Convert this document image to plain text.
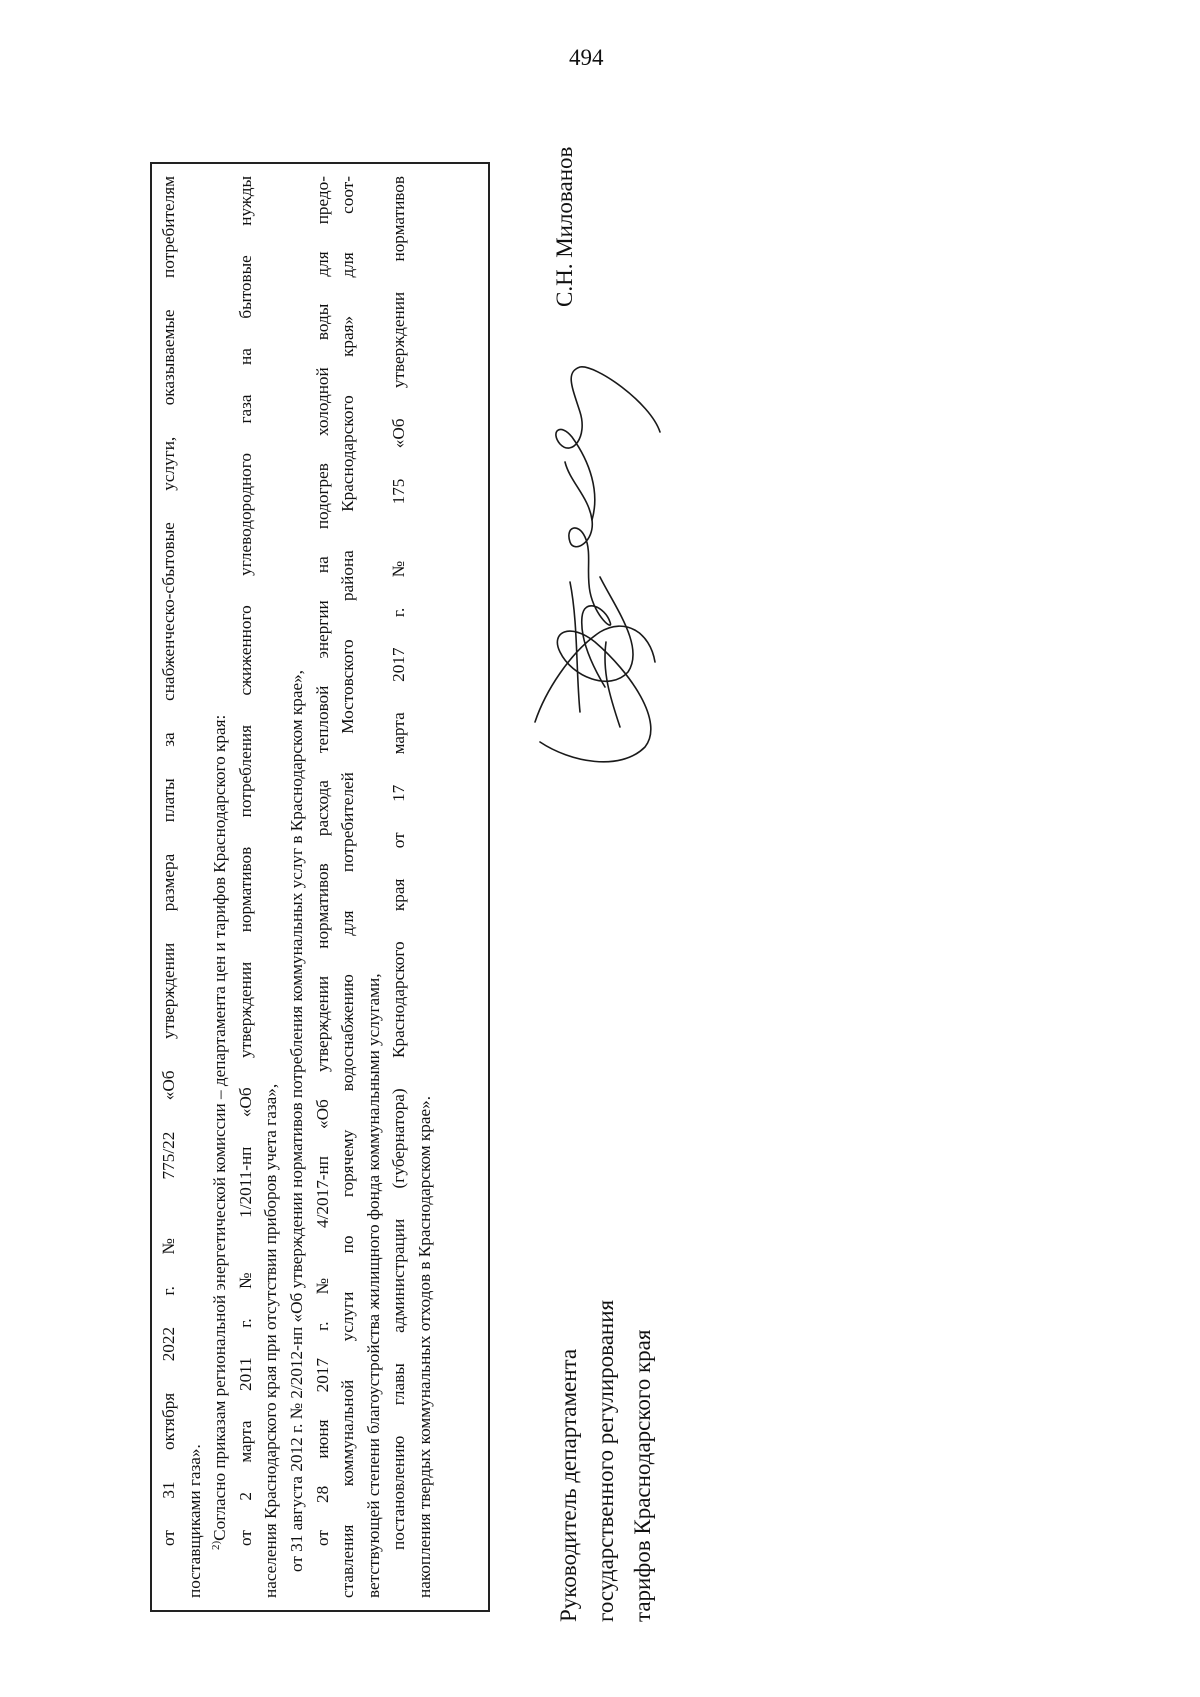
494
от 31 октября 2022 г. № 775/22 «Об утверждении размера платы за снабженческо-сбытовые услуги, оказываемые потребителям поставщиками газа». $^{2)}$Согласно приказам региональной энергетической комиссии – департамента цен и тарифов Краснодарского края: от 2 марта 2011 г. № 1/2011-нп «Об утверждении нормативов потребления сжиженного углеводородного газа на бытовые нужды населения Краснодарского края при отсутствии приборов учета газа», от 31 августа 2012 г. № 2/2012-нп «Об утверждении нормативов потребления коммунальных услуг в Краснодарском крае», от 28 июня 2017 г. № 4/2017-нп «Об утверждении нормативов расхода тепловой энергии на подогрев холодной воды для предо- ставления коммунальной услуги по горячему водоснабжению для потребителей Мостовского района Краснодарского края» для соот- ветствующей степени благоустройства жилищного фонда коммунальными услугами, постановлению главы администрации (губернатора) Краснодарского края от 17 марта 2017 г. № 175 «Об утверждении нормативов накопления твердых коммунальных отходов в Краснодарском крае».	Руководитель департамента государственного регулирования тарифов Краснодарского края
С.Н. Милованов
